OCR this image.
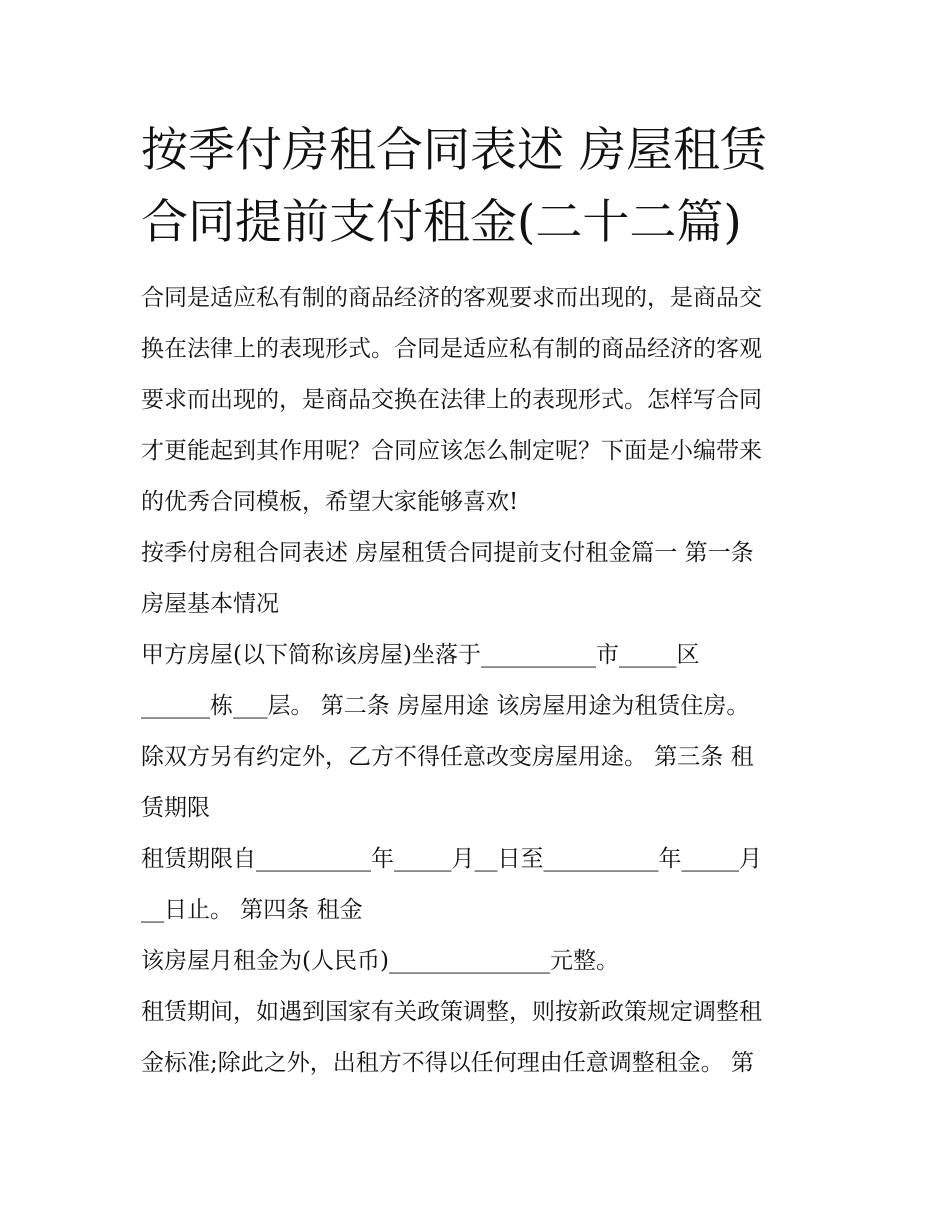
按季付房租合同表述 房屋租赁
合同提前支付租金(二十二篇)

合同是适应私有制的商品经济的客观要求而出现的，是商品交
换在法律上的表现形式。合同是适应私有制的商品经济的客观
要求而出现的，是商品交换在法律上的表现形式。怎样写合同
才更能起到其作用呢？合同应该怎么制定呢？下面是小编带来
的优秀合同模板，希望大家能够喜欢!

按季付房租合同表述 房屋租赁合同提前支付租金篇一 第一条
房屋基本情况

甲方房屋(以下简称该房屋)坐落于__________市_____区
______栋___层。 第二条 房屋用途 该房屋用途为租赁住房。
除双方另有约定外，乙方不得任意改变房屋用途。 第三条 租
赁期限

租赁期限自__________年_____月__日至__________年_____月
__日止。 第四条 租金

该房屋月租金为(人民币)______________元整。

租赁期间，如遇到国家有关政策调整，则按新政策规定调整租
金标准;除此之外，出租方不得以任何理由任意调整租金。 第
